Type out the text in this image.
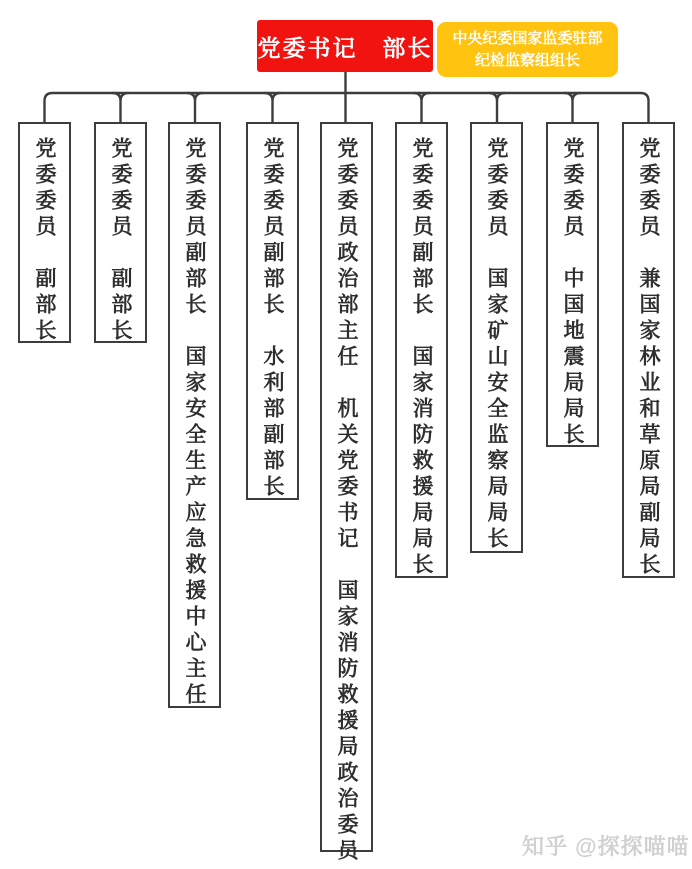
党委书记　部长 中央纪委国家监委驻部
纪检监察组组长
党委委员　副部长	党委委员　副部长 党委委员副部长　国家安全生产应急救援中心主任	党委委员副部长　水利部副部长 党委委员政治部主任　机关党委书记　国家消防救援局政治委员 党委委员副部长　国家消防救援局局长 党委委员　国家矿山安全监察局局长	党委委员　中国地震局局长	党委委员　兼国家林业和草原局副局长
知乎 @探探喵喵
